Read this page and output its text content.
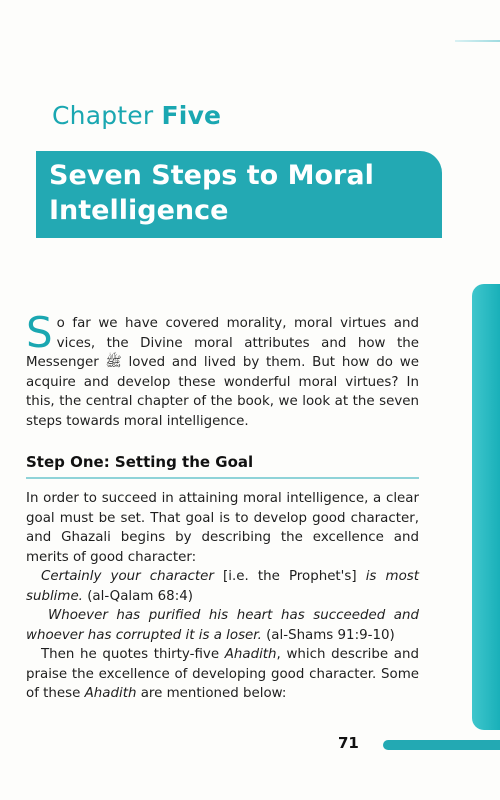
Chapter Five
Seven Steps to Moral Intelligence
So far we have covered morality, moral virtues and vices, the Divine moral attributes and how the Messenger ﷺ loved and lived by them. But how do we acquire and develop these wonderful moral virtues? In this, the central chapter of the book, we look at the seven steps towards moral intelligence.
Step One: Setting the Goal

In order to succeed in attaining moral intelligence, a clear goal must be set. That goal is to develop good character, and Ghazali begins by describing the excellence and merits of good character:

Certainly your character [i.e. the Prophet's] is most sublime. (al-Qalam 68:4)

Whoever has purified his heart has succeeded and whoever has corrupted it is a loser. (al-Shams 91:9-10)

Then he quotes thirty-five Ahadith, which describe and praise the excellence of developing good character. Some of these Ahadith are mentioned below:

71
